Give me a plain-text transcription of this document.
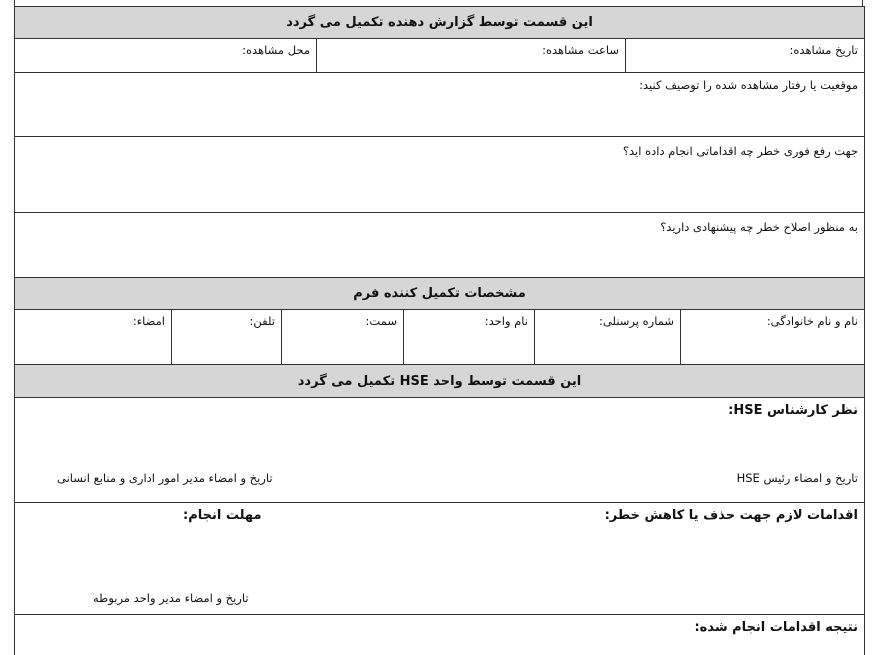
این قسمت توسط گزارش دهنده تکمیل می گردد
تاریخ مشاهده:
ساعت مشاهده:
محل مشاهده:
موقعیت یا رفتار مشاهده شده را توصیف کنید:
جهت رفع فوری خطر چه اقداماتی انجام داده اید؟
به منظور اصلاح خطر چه پیشنهادی دارید؟
مشخصات تکمیل کننده فرم
نام و نام خانوادگی:
شماره پرسنلی:
نام واحد:
سمت:
تلفن:
امضاء:
این قسمت توسط واحد HSE تکمیل می گردد
نظر کارشناس HSE:
تاریخ و امضاء رئیس HSE
تاریخ و امضاء مدیر امور اداری و منابع انسانی
اقدامات لازم جهت حذف یا کاهش خطر:
مهلت انجام:
تاریخ و امضاء مدیر واحد مربوطه
نتیجه اقدامات انجام شده:
